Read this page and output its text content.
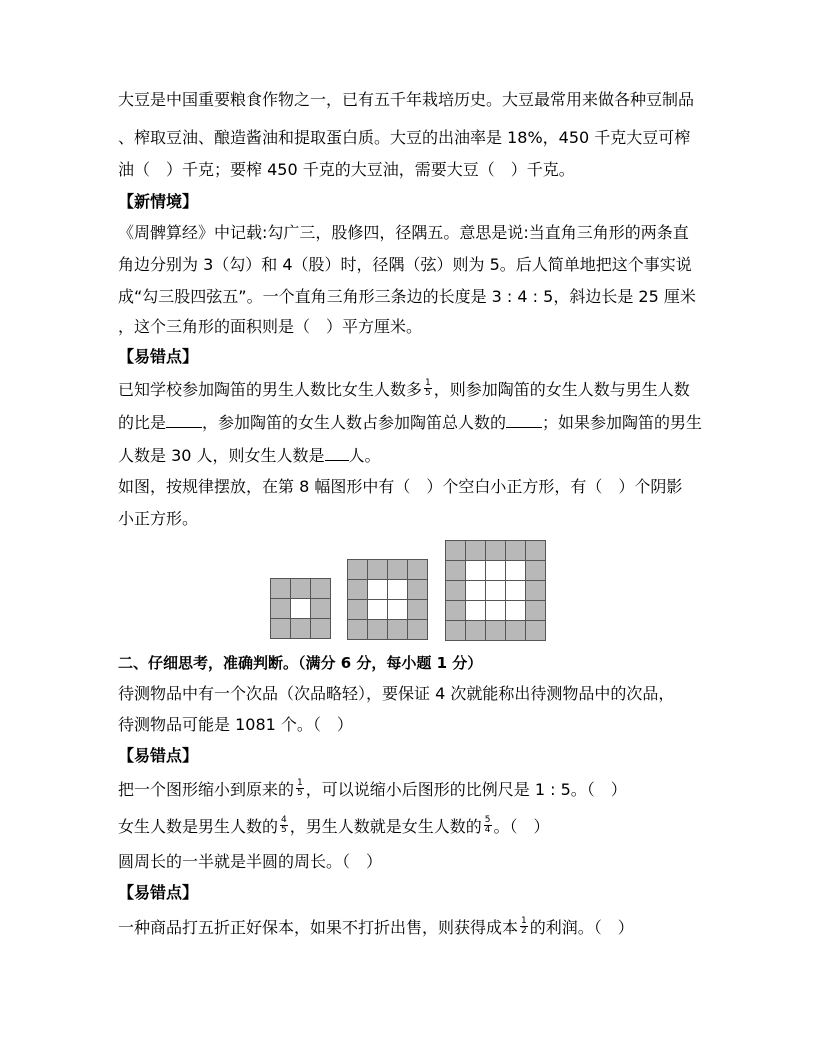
大豆是中国重要粮食作物之一，已有五千年栽培历史。大豆最常用来做各种豆制品
、榨取豆油、酿造酱油和提取蛋白质。大豆的出油率是 18%，450 千克大豆可榨
油（　）千克；要榨 450 千克的大豆油，需要大豆（　）千克。
【新情境】
《周髀算经》中记载:勾广三，股修四，径隅五。意思是说:当直角三角形的两条直
角边分别为 3（勾）和 4（股）时，径隅（弦）则为 5。后人简单地把这个事实说
成“勾三股四弦五”。一个直角三角形三条边的长度是 3 : 4 : 5，斜边长是 25 厘米
，这个三角形的面积则是（　）平方厘米。
【易错点】
已知学校参加陶笛的男生人数比女生人数多 $\frac{1}{5}$ ，则参加陶笛的女生人数与男生人数
的比是 ，参加陶笛的女生人数占参加陶笛总人数的 ；如果参加陶笛的男生
人数是 30 人，则女生人数是 人。
如图，按规律摆放，在第 8 幅图形中有（　）个空白小正方形，有（　）个阴影
小正方形。
二、仔细思考，准确判断。（满分 6 分，每小题 1 分）
待测物品中有一个次品（次品略轻），要保证 4 次就能称出待测物品中的次品，
待测物品可能是 1081 个。（　）
【易错点】
把一个图形缩小到原来的 $\frac{1}{5}$ ，可以说缩小后图形的比例尺是 1 : 5。（　）
女生人数是男生人数的 $\frac{4}{5}$ ，男生人数就是女生人数的 $\frac{5}{4}$ 。（　）
圆周长的一半就是半圆的周长。（　）
【易错点】
一种商品打五折正好保本，如果不打折出售，则获得成本 $\frac{1}{2}$ 的利润。（　）
